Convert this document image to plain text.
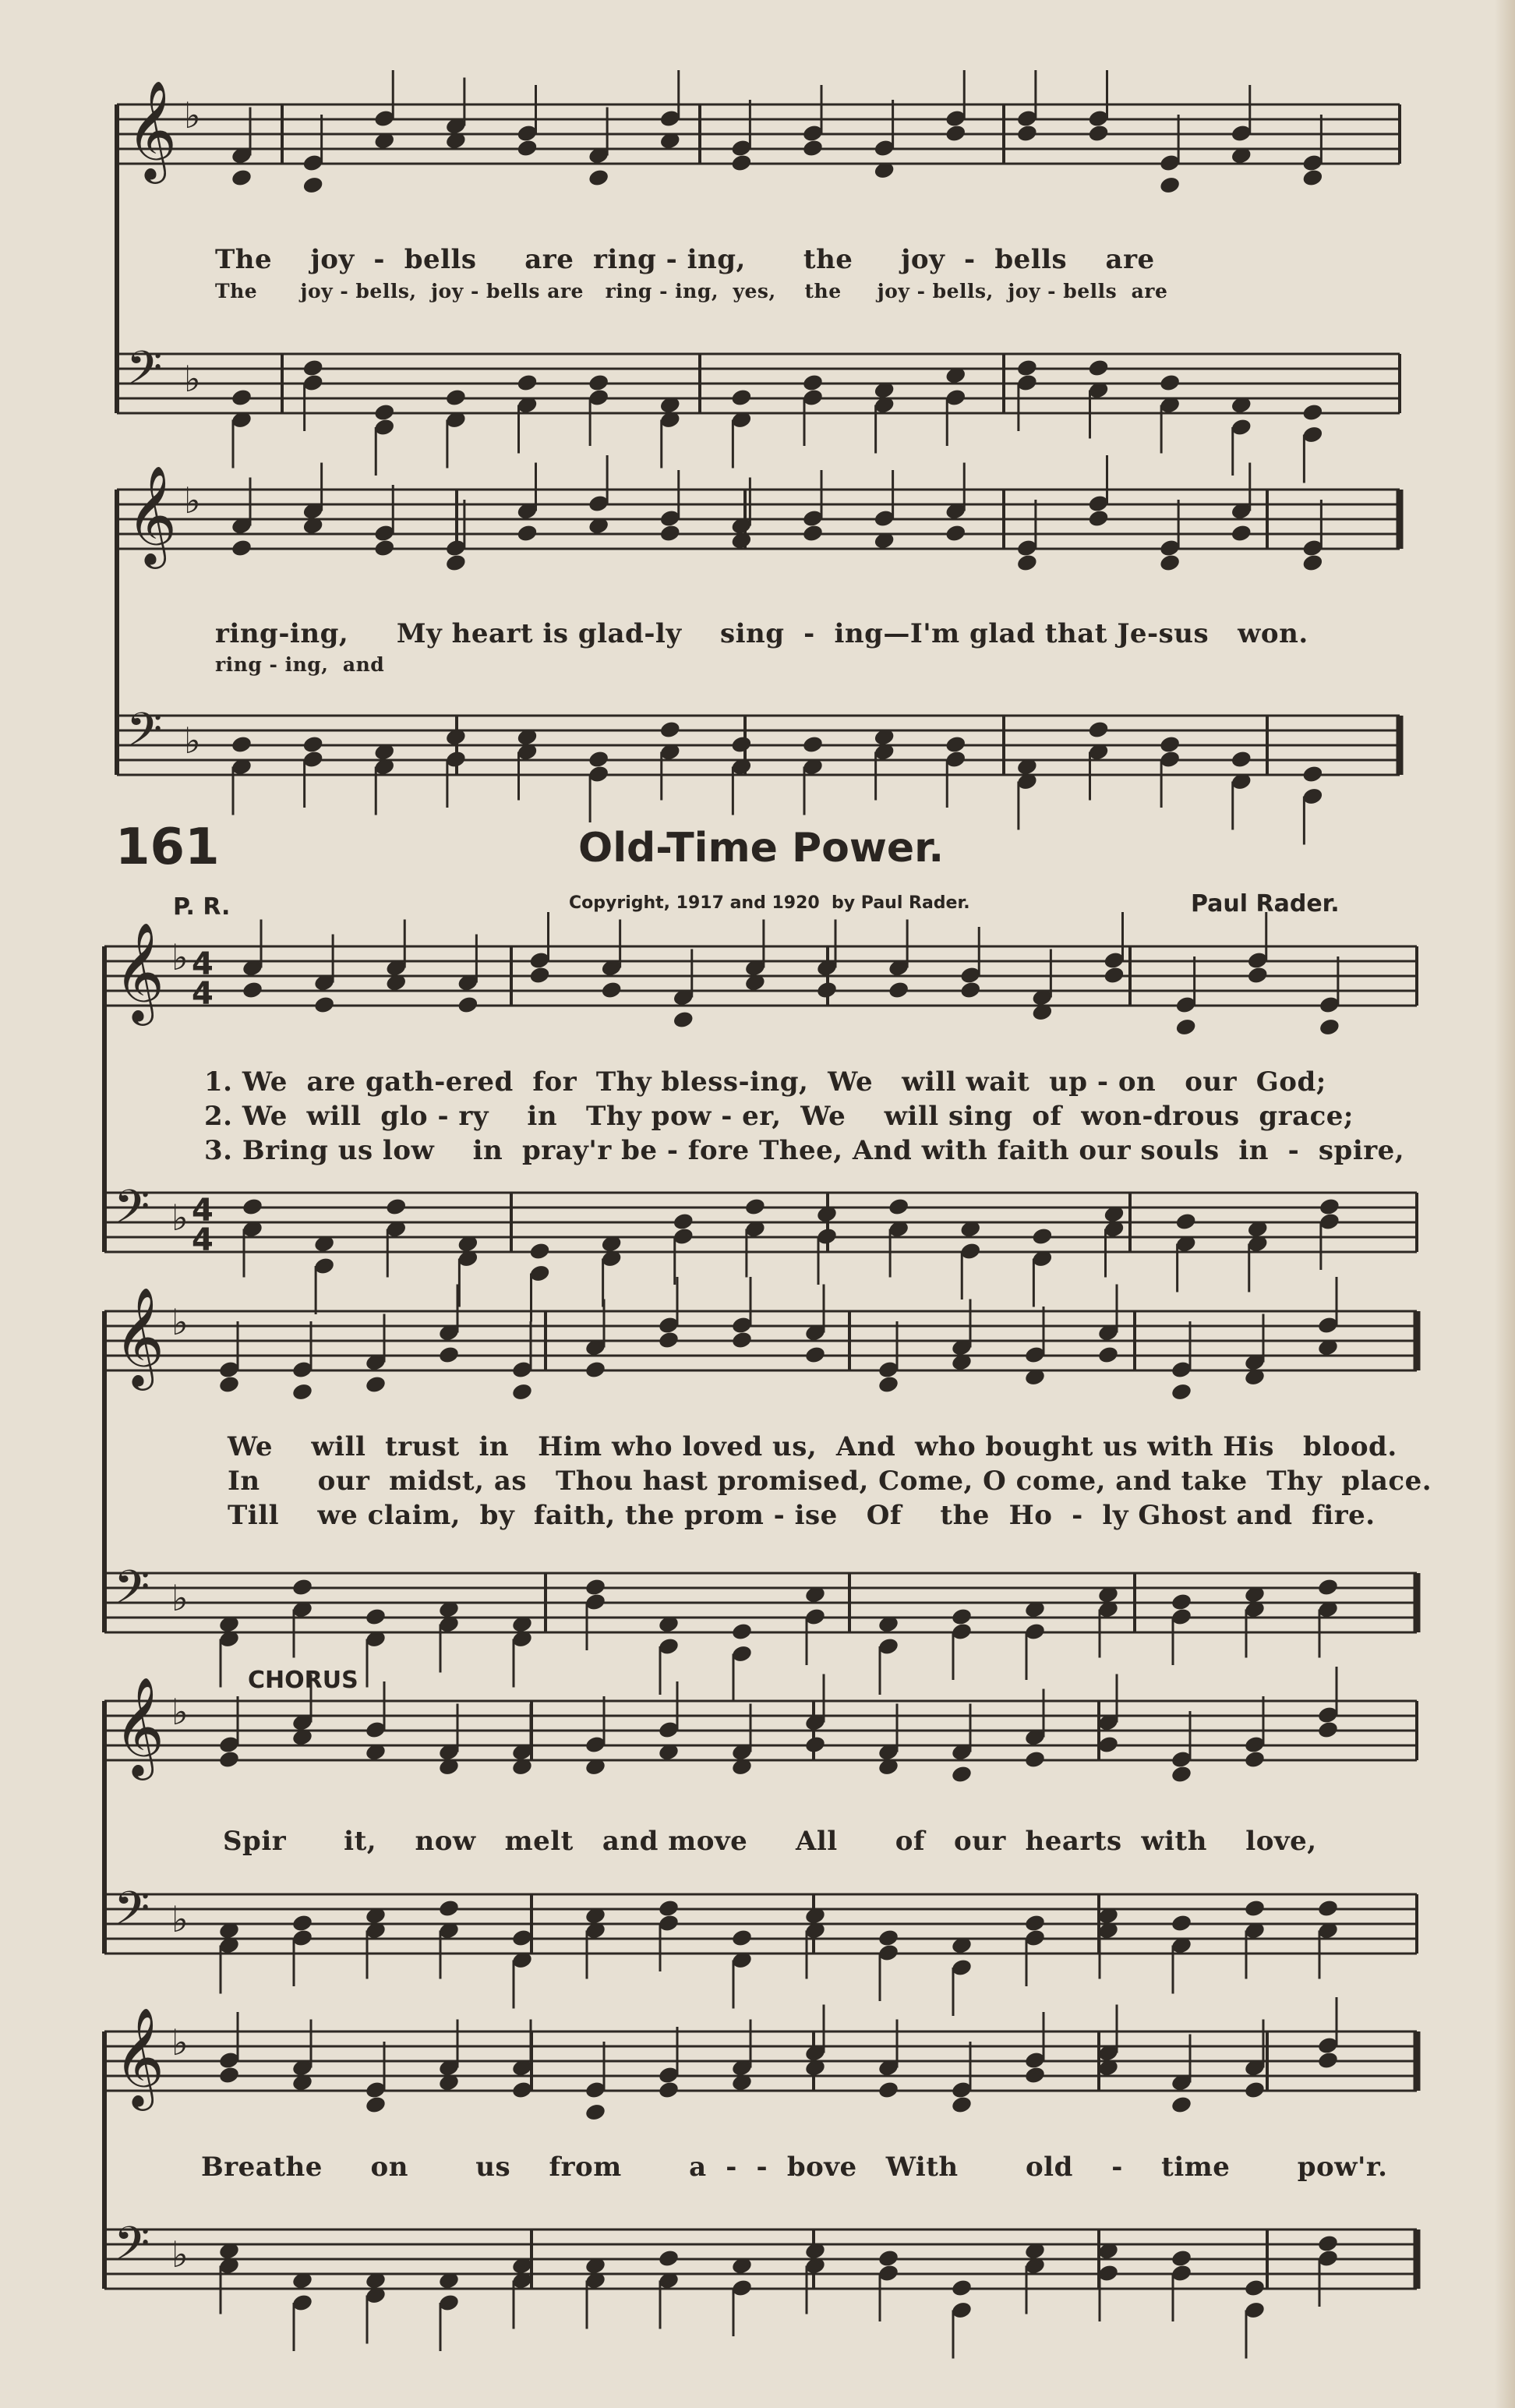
𝄞 ♭
𝄢 ♭
𝄞 ♭
𝄢 ♭
𝄞 ♭ 4
4
𝄢 ♭ 4
4
𝄞 ♭
𝄢 ♭
𝄞 ♭
𝄢 ♭
𝄞 ♭
𝄢 ♭
The    joy  -  bells     are  ring - ing,      the     joy  -  bells    are
The      joy - bells,  joy - bells are   ring - ing,  yes,    the     joy - bells,  joy - bells  are
ring-ing,     My heart is glad-ly    sing  -  ing—I'm glad that Je-sus   won.
ring - ing,  and
161	Old-Time Power.
P. R.	Copyright, 1917 and 1920  by Paul Rader.	Paul Rader.
1. We  are gath-ered  for  Thy bless-ing,  We   will wait  up - on   our  God;
2. We  will  glo - ry    in   Thy pow - er,  We    will sing  of  won-drous  grace;
3. Bring us low    in  pray'r be - fore Thee, And with faith our souls  in  -  spire,
We    will  trust  in   Him who loved us,  And  who bought us with His   blood.
In      our  midst, as   Thou hast promised, Come, O come, and take  Thy  place.
Till    we claim,  by  faith, the prom - ise   Of    the  Ho  -  ly Ghost and  fire.
CHORUS
Spir      it,    now   melt   and move     All      of   our  hearts  with    love,
Breathe     on       us    from       a  -  -  bove   With       old    -    time       pow'r.
